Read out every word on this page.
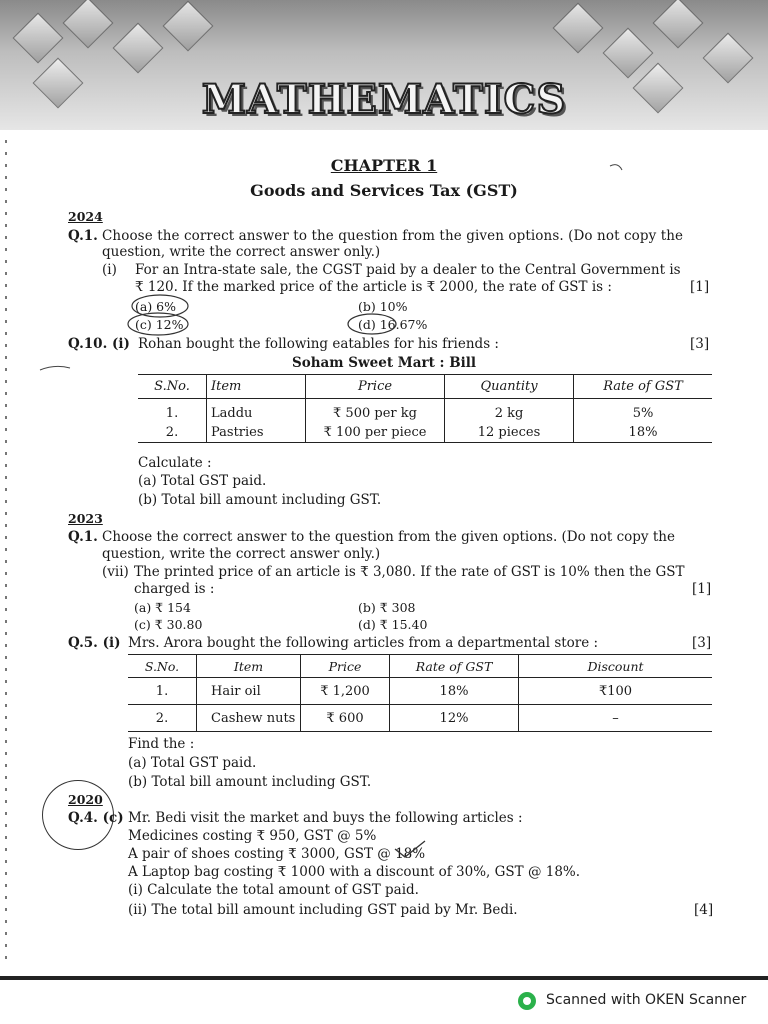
MATHEMATICS
CHAPTER 1
Goods and Services Tax (GST)
2024
Q.1. Choose the correct answer to the question from the given options. (Do not copy the
question, write the correct answer only.)
(i) For an Intra-state sale, the CGST paid by a dealer to the Central Government is
₹ 120. If the marked price of the article is ₹ 2000, the rate of GST is :	[1]
(a) 6%	(b) 10%
(c) 12%	(d) 16.67%
Q.10. (i) Rohan bought the following eatables for his friends :	[3]
Soham Sweet Mart : Bill
S.No.	Item	Price	Quantity	Rate of GST
1.	Laddu	₹ 500 per kg	2 kg	5%
2.	Pastries	₹ 100 per piece	12 pieces	18%
Calculate :
(a) Total GST paid.
(b) Total bill amount including GST.
2023
Q.1. Choose the correct answer to the question from the given options. (Do not copy the
question, write the correct answer only.)
(vii) The printed price of an article is ₹ 3,080. If the rate of GST is 10% then the GST
charged is :	[1]
(a) ₹ 154	(b) ₹ 308
(c) ₹ 30.80	(d) ₹ 15.40
Q.5. (i) Mrs. Arora bought the following articles from a departmental store :	[3]
S.No.	Item	Price	Rate of GST	Discount
1.	Hair oil	₹ 1,200	18%	₹100
2.	Cashew nuts	₹ 600	12%	–
Find the :
(a) Total GST paid.
(b) Total bill amount including GST.
2020
Q.4. (c) Mr. Bedi visit the market and buys the following articles :
Medicines costing ₹ 950, GST @ 5%
A pair of shoes costing ₹ 3000, GST @ 18%
A Laptop bag costing ₹ 1000 with a discount of 30%, GST @ 18%.
(i) Calculate the total amount of GST paid.
(ii) The total bill amount including GST paid by Mr. Bedi.	[4]
Scanned with OKEN Scanner
